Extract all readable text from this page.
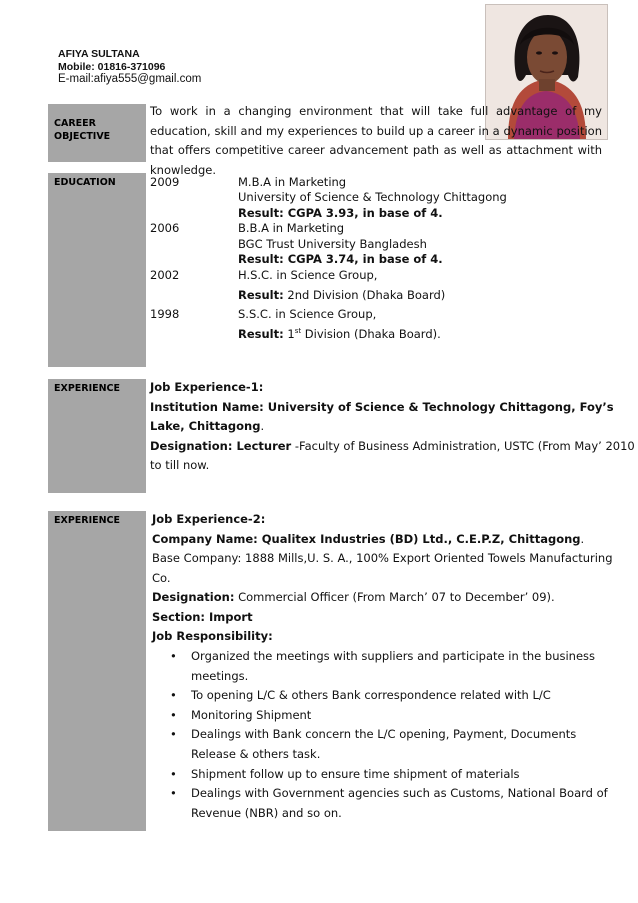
AFIYA SULTANA
Mobile: 01816-371096
E-mail:afiya555@gmail.com
CAREER
OBJECTIVE
To work in a changing environment that will take full advantage of my education, skill and my experiences to build up a career in a dynamic position that offers competitive career advancement path as well as attachment with knowledge.
EDUCATION	2009	M.B.A in Marketing
University of Science & Technology Chittagong
Result: CGPA 3.93, in base of 4.
2006	B.B.A in Marketing
BGC Trust University Bangladesh
Result: CGPA 3.74, in base of 4.
2002	H.S.C. in Science Group,
Result: 2nd Division (Dhaka Board)
1998	S.S.C. in Science Group,
Result: 1st Division (Dhaka Board).
EXPERIENCE	Job Experience-1:
Institution Name: University of Science & Technology Chittagong, Foy’s
Lake, Chittagong.
Designation: Lecturer -Faculty of Business Administration, USTC (From May’ 2010
to till now.
EXPERIENCE	Job Experience-2:
Company Name: Qualitex Industries (BD) Ltd., C.E.P.Z, Chittagong.
Base Company: 1888 Mills,U. S. A., 100% Export Oriented Towels Manufacturing
Co.
Designation: Commercial Officer (From March’ 07 to December’ 09).
Section: Import
Job Responsibility:
• Organized the meetings with suppliers and participate in the business meetings.
• To opening L/C & others Bank correspondence related with L/C
• Monitoring Shipment
• Dealings with Bank concern the L/C opening, Payment, Documents Release & others task.
• Shipment follow up to ensure time shipment of materials
• Dealings with Government agencies such as Customs, National Board of Revenue (NBR) and so on.
